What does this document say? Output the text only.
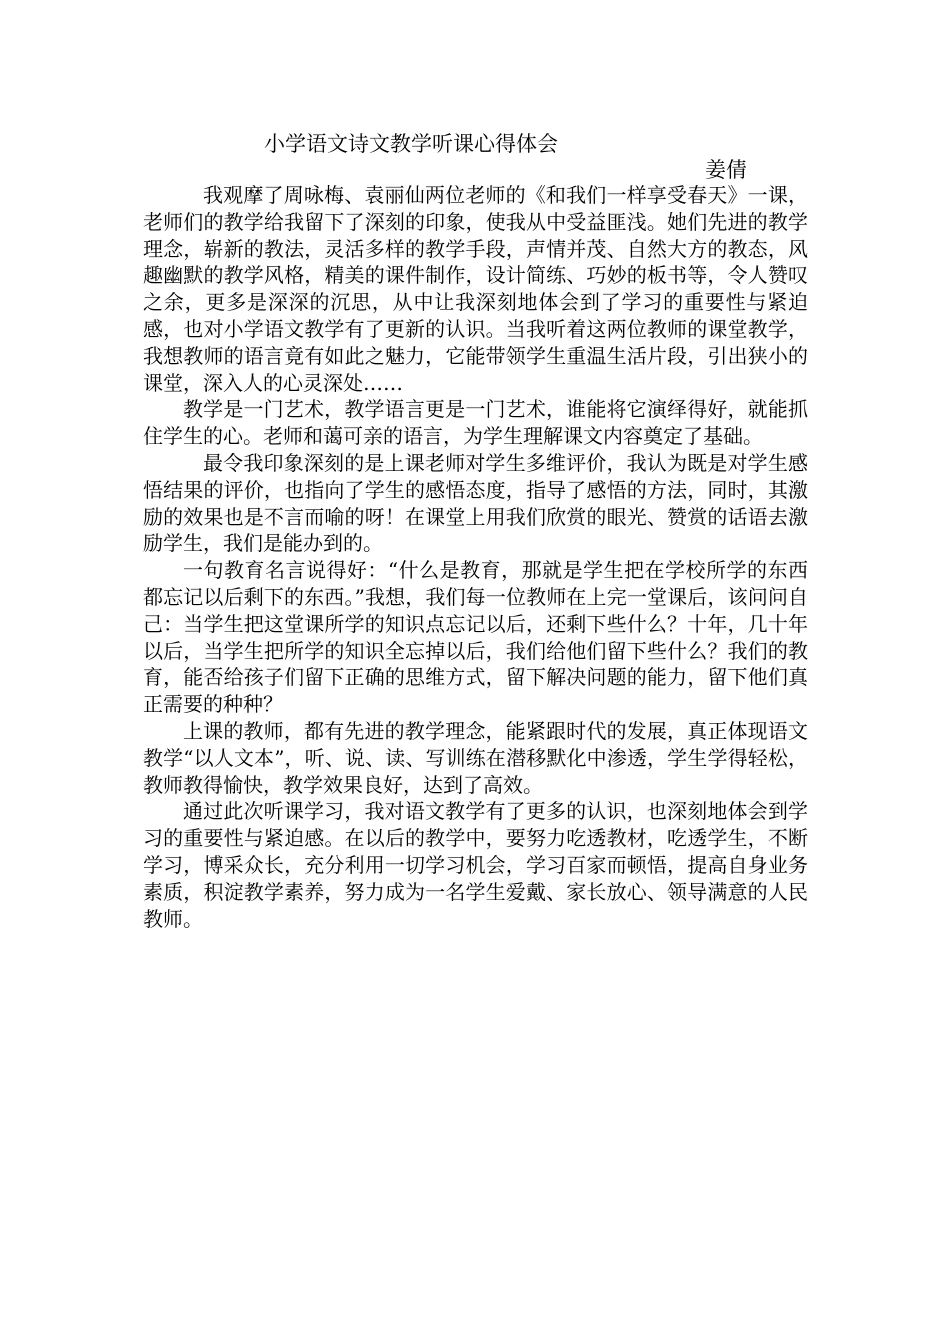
小学语文诗文教学听课心得体会
姜倩

我观摩了周咏梅、袁丽仙两位老师的《和我们一样享受春天》一课，老师们的教学给我留下了深刻的印象，使我从中受益匪浅。她们先进的教学理念，崭新的教法，灵活多样的教学手段，声情并茂、自然大方的教态，风趣幽默的教学风格，精美的课件制作，设计简练、巧妙的板书等，令人赞叹之余，更多是深深的沉思，从中让我深刻地体会到了学习的重要性与紧迫感，也对小学语文教学有了更新的认识。当我听着这两位教师的课堂教学，我想教师的语言竟有如此之魅力，它能带领学生重温生活片段，引出狭小的课堂，深入人的心灵深处……

教学是一门艺术，教学语言更是一门艺术，谁能将它演绎得好，就能抓住学生的心。老师和蔼可亲的语言，为学生理解课文内容奠定了基础。

最令我印象深刻的是上课老师对学生多维评价，我认为既是对学生感悟结果的评价，也指向了学生的感悟态度，指导了感悟的方法，同时，其激励的效果也是不言而喻的呀！在课堂上用我们欣赏的眼光、赞赏的话语去激励学生，我们是能办到的。

一句教育名言说得好：“什么是教育，那就是学生把在学校所学的东西都忘记以后剩下的东西。”我想，我们每一位教师在上完一堂课后，该问问自己：当学生把这堂课所学的知识点忘记以后，还剩下些什么？十年，几十年以后，当学生把所学的知识全忘掉以后，我们给他们留下些什么？我们的教育，能否给孩子们留下正确的思维方式，留下解决问题的能力，留下他们真正需要的种种？

上课的教师，都有先进的教学理念，能紧跟时代的发展，真正体现语文教学“以人文本”，听、说、读、写训练在潜移默化中渗透，学生学得轻松，教师教得愉快，教学效果良好，达到了高效。

通过此次听课学习，我对语文教学有了更多的认识，也深刻地体会到学习的重要性与紧迫感。在以后的教学中，要努力吃透教材，吃透学生，不断学习，博采众长，充分利用一切学习机会，学习百家而顿悟，提高自身业务素质，积淀教学素养，努力成为一名学生爱戴、家长放心、领导满意的人民教师。
